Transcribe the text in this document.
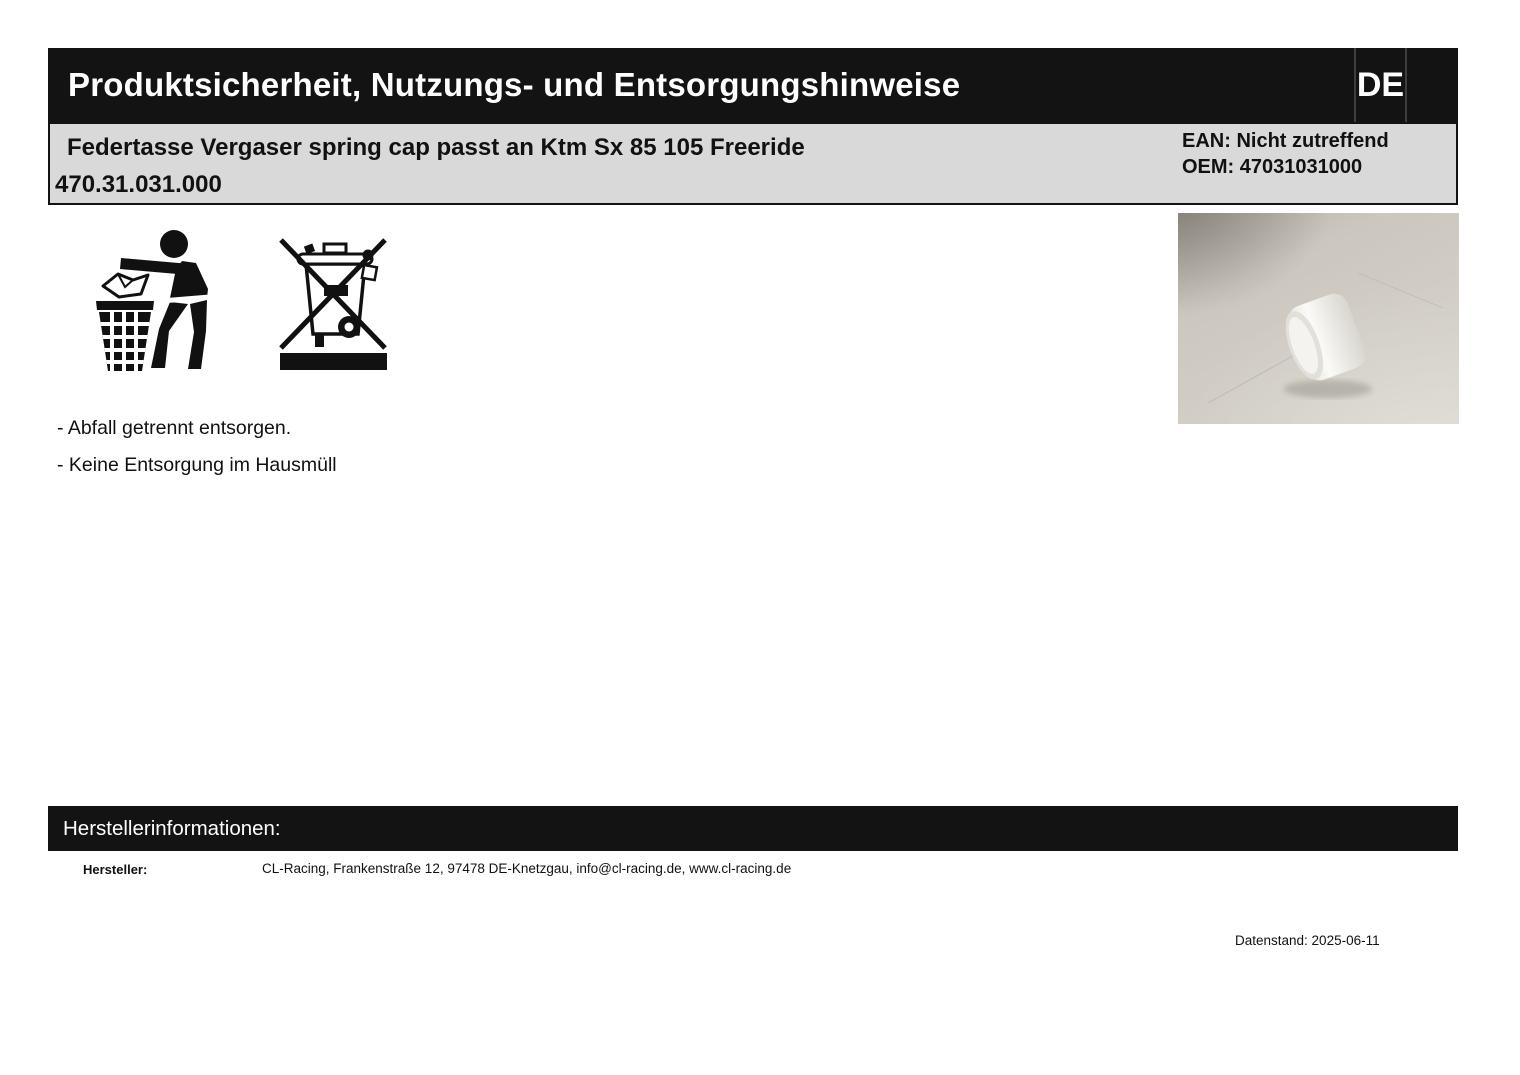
Produktsicherheit, Nutzungs- und Entsorgungshinweise	DE
Federtasse Vergaser spring cap passt an Ktm Sx 85 105 Freeride
470.31.031.000
EAN: Nicht zutreffend
OEM: 47031031000
- Abfall getrennt entsorgen.
- Keine Entsorgung im Hausmüll
Herstellerinformationen:
Hersteller:	CL-Racing, Frankenstraße 12, 97478 DE-Knetzgau, info@cl-racing.de, www.cl-racing.de
Datenstand: 2025-06-11
